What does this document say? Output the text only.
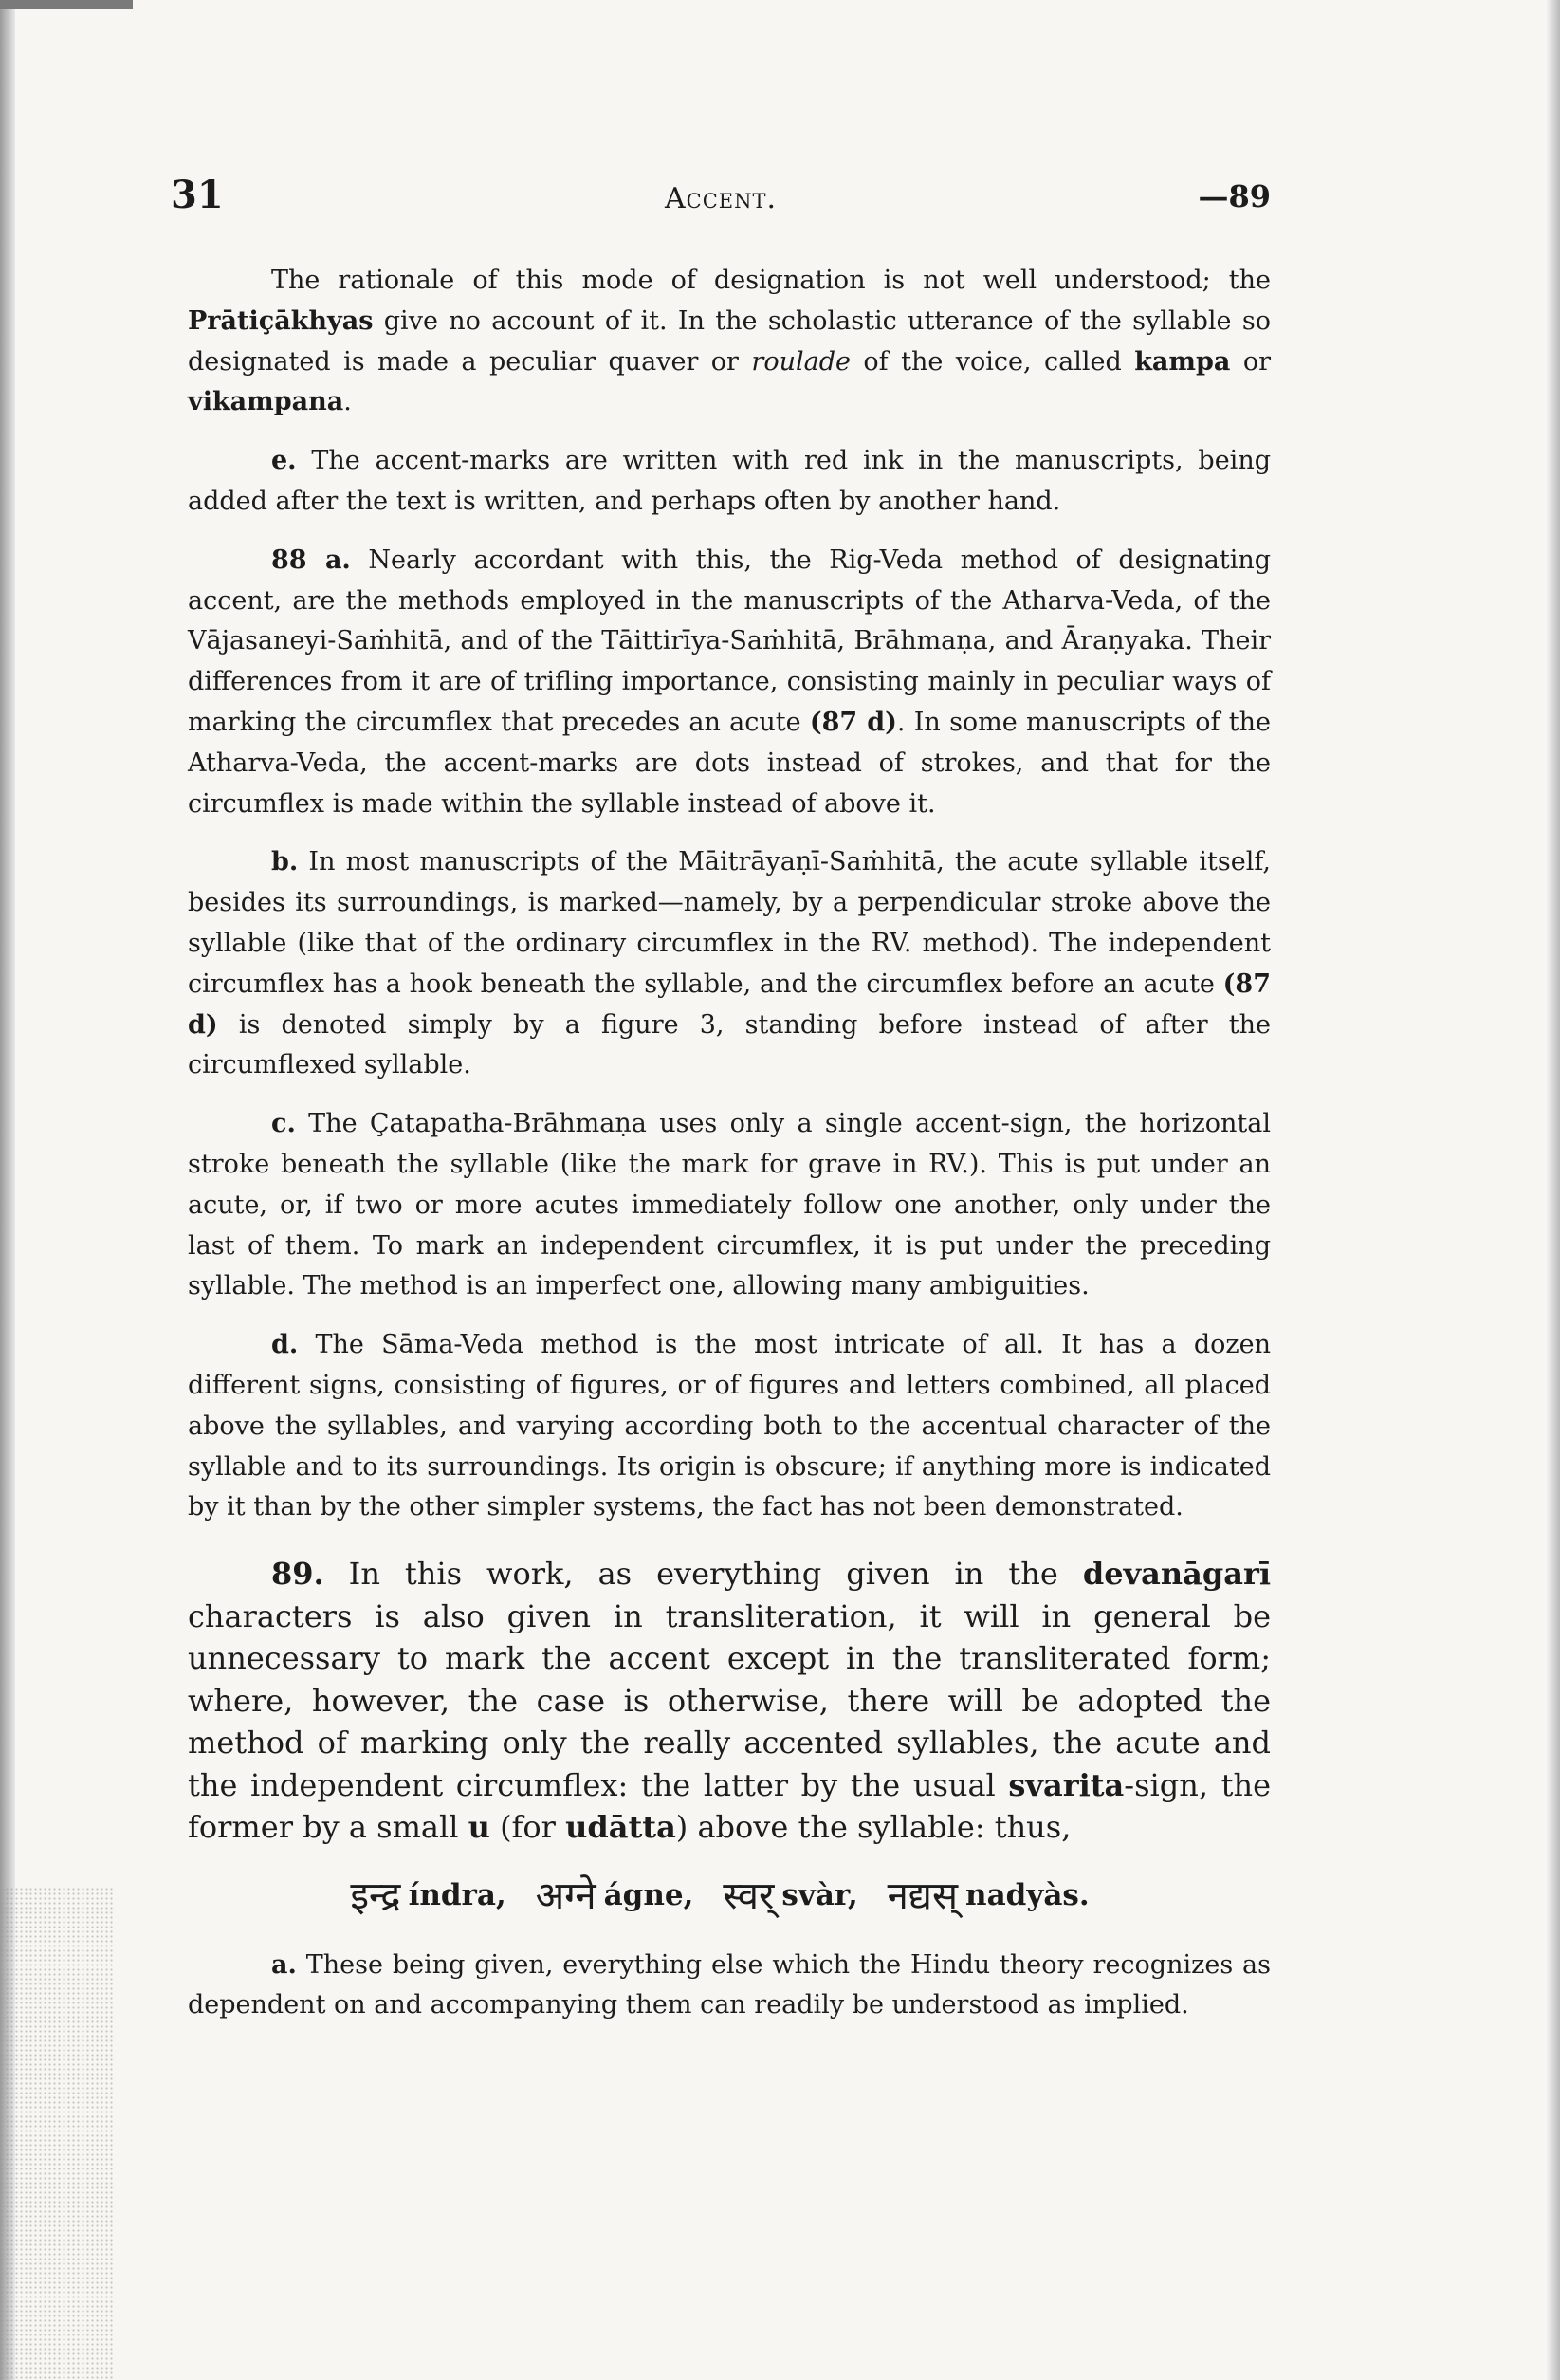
31	Accent.	—89

The rationale of this mode of designation is not well understood; the Prātiçākhyas give no account of it. In the scholastic utterance of the syllable so designated is made a peculiar quaver or roulade of the voice, called kampa or vikampana.

e. The accent-marks are written with red ink in the manuscripts, being added after the text is written, and perhaps often by another hand.

88 a. Nearly accordant with this, the Rig-Veda method of designating accent, are the methods employed in the manuscripts of the Atharva-Veda, of the Vājasaneyi-Saṁhitā, and of the Tāittirīya-Saṁhitā, Brāhmaṇa, and Āraṇyaka. Their differences from it are of trifling importance, consisting mainly in peculiar ways of marking the circumflex that precedes an acute (87 d). In some manuscripts of the Atharva-Veda, the accent-marks are dots instead of strokes, and that for the circumflex is made within the syllable instead of above it.

b. In most manuscripts of the Māitrāyaṇī-Saṁhitā, the acute syllable itself, besides its surroundings, is marked—namely, by a perpendicular stroke above the syllable (like that of the ordinary circumflex in the RV. method). The independent circumflex has a hook beneath the syllable, and the circumflex before an acute (87 d) is denoted simply by a figure 3, standing before instead of after the circumflexed syllable.

c. The Çatapatha-Brāhmaṇa uses only a single accent-sign, the horizontal stroke beneath the syllable (like the mark for grave in RV.). This is put under an acute, or, if two or more acutes immediately follow one another, only under the last of them. To mark an independent circumflex, it is put under the preceding syllable. The method is an imperfect one, allowing many ambiguities.

d. The Sāma-Veda method is the most intricate of all. It has a dozen different signs, consisting of figures, or of figures and letters combined, all placed above the syllables, and varying according both to the accentual character of the syllable and to its surroundings. Its origin is obscure; if anything more is indicated by it than by the other simpler systems, the fact has not been demonstrated.

89. In this work, as everything given in the devanāgarī characters is also given in transliteration, it will in general be unnecessary to mark the accent except in the transliterated form; where, however, the case is otherwise, there will be adopted the method of marking only the really accented syllables, the acute and the independent circumflex: the latter by the usual svarita-sign, the former by a small u (for udātta) above the syllable: thus,

इन्द्र índra, अग्ने ágne, स्वर् svàr, नद्यस् nadyàs.

a. These being given, everything else which the Hindu theory recognizes as dependent on and accompanying them can readily be understood as implied.
